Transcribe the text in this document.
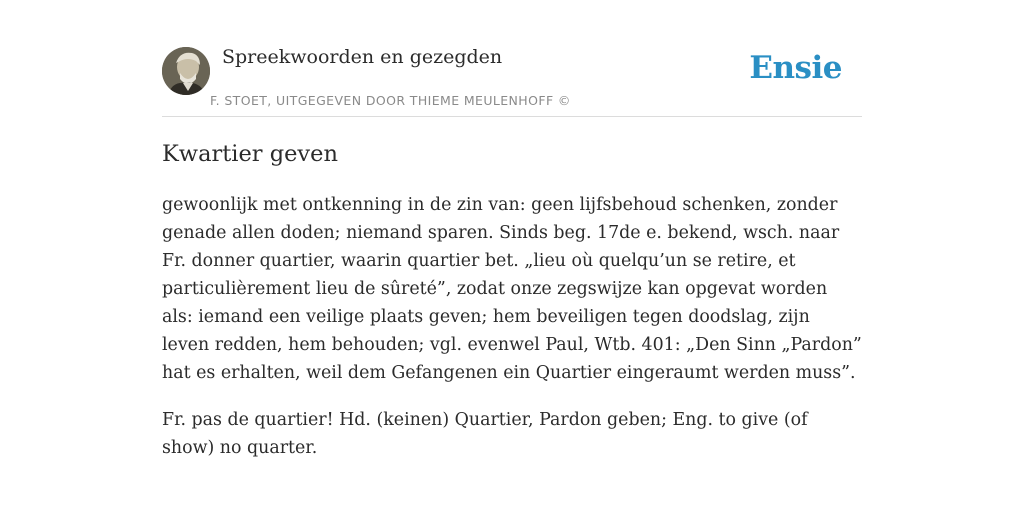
Spreekwoorden en gezegden
F. STOET, UITGEGEVEN DOOR THIEME MEULENHOFF ©
Ensie
Kwartier geven

gewoonlijk met ontkenning in de zin van: geen lijfsbehoud schenken, zonder genade allen doden; niemand sparen. Sinds beg. 17de e. bekend, wsch. naar Fr. donner quartier, waarin quartier bet. „lieu où quelqu’un se retire, et particulièrement lieu de sûreté”, zodat onze zegswijze kan opgevat worden als: iemand een veilige plaats geven; hem beveiligen tegen doodslag, zijn leven redden, hem behouden; vgl. evenwel Paul, Wtb. 401: „Den Sinn „Pardon” hat es erhalten, weil dem Gefangenen ein Quartier eingeraumt werden muss”.

Fr. pas de quartier! Hd. (keinen) Quartier, Pardon geben; Eng. to give (of show) no quarter.
